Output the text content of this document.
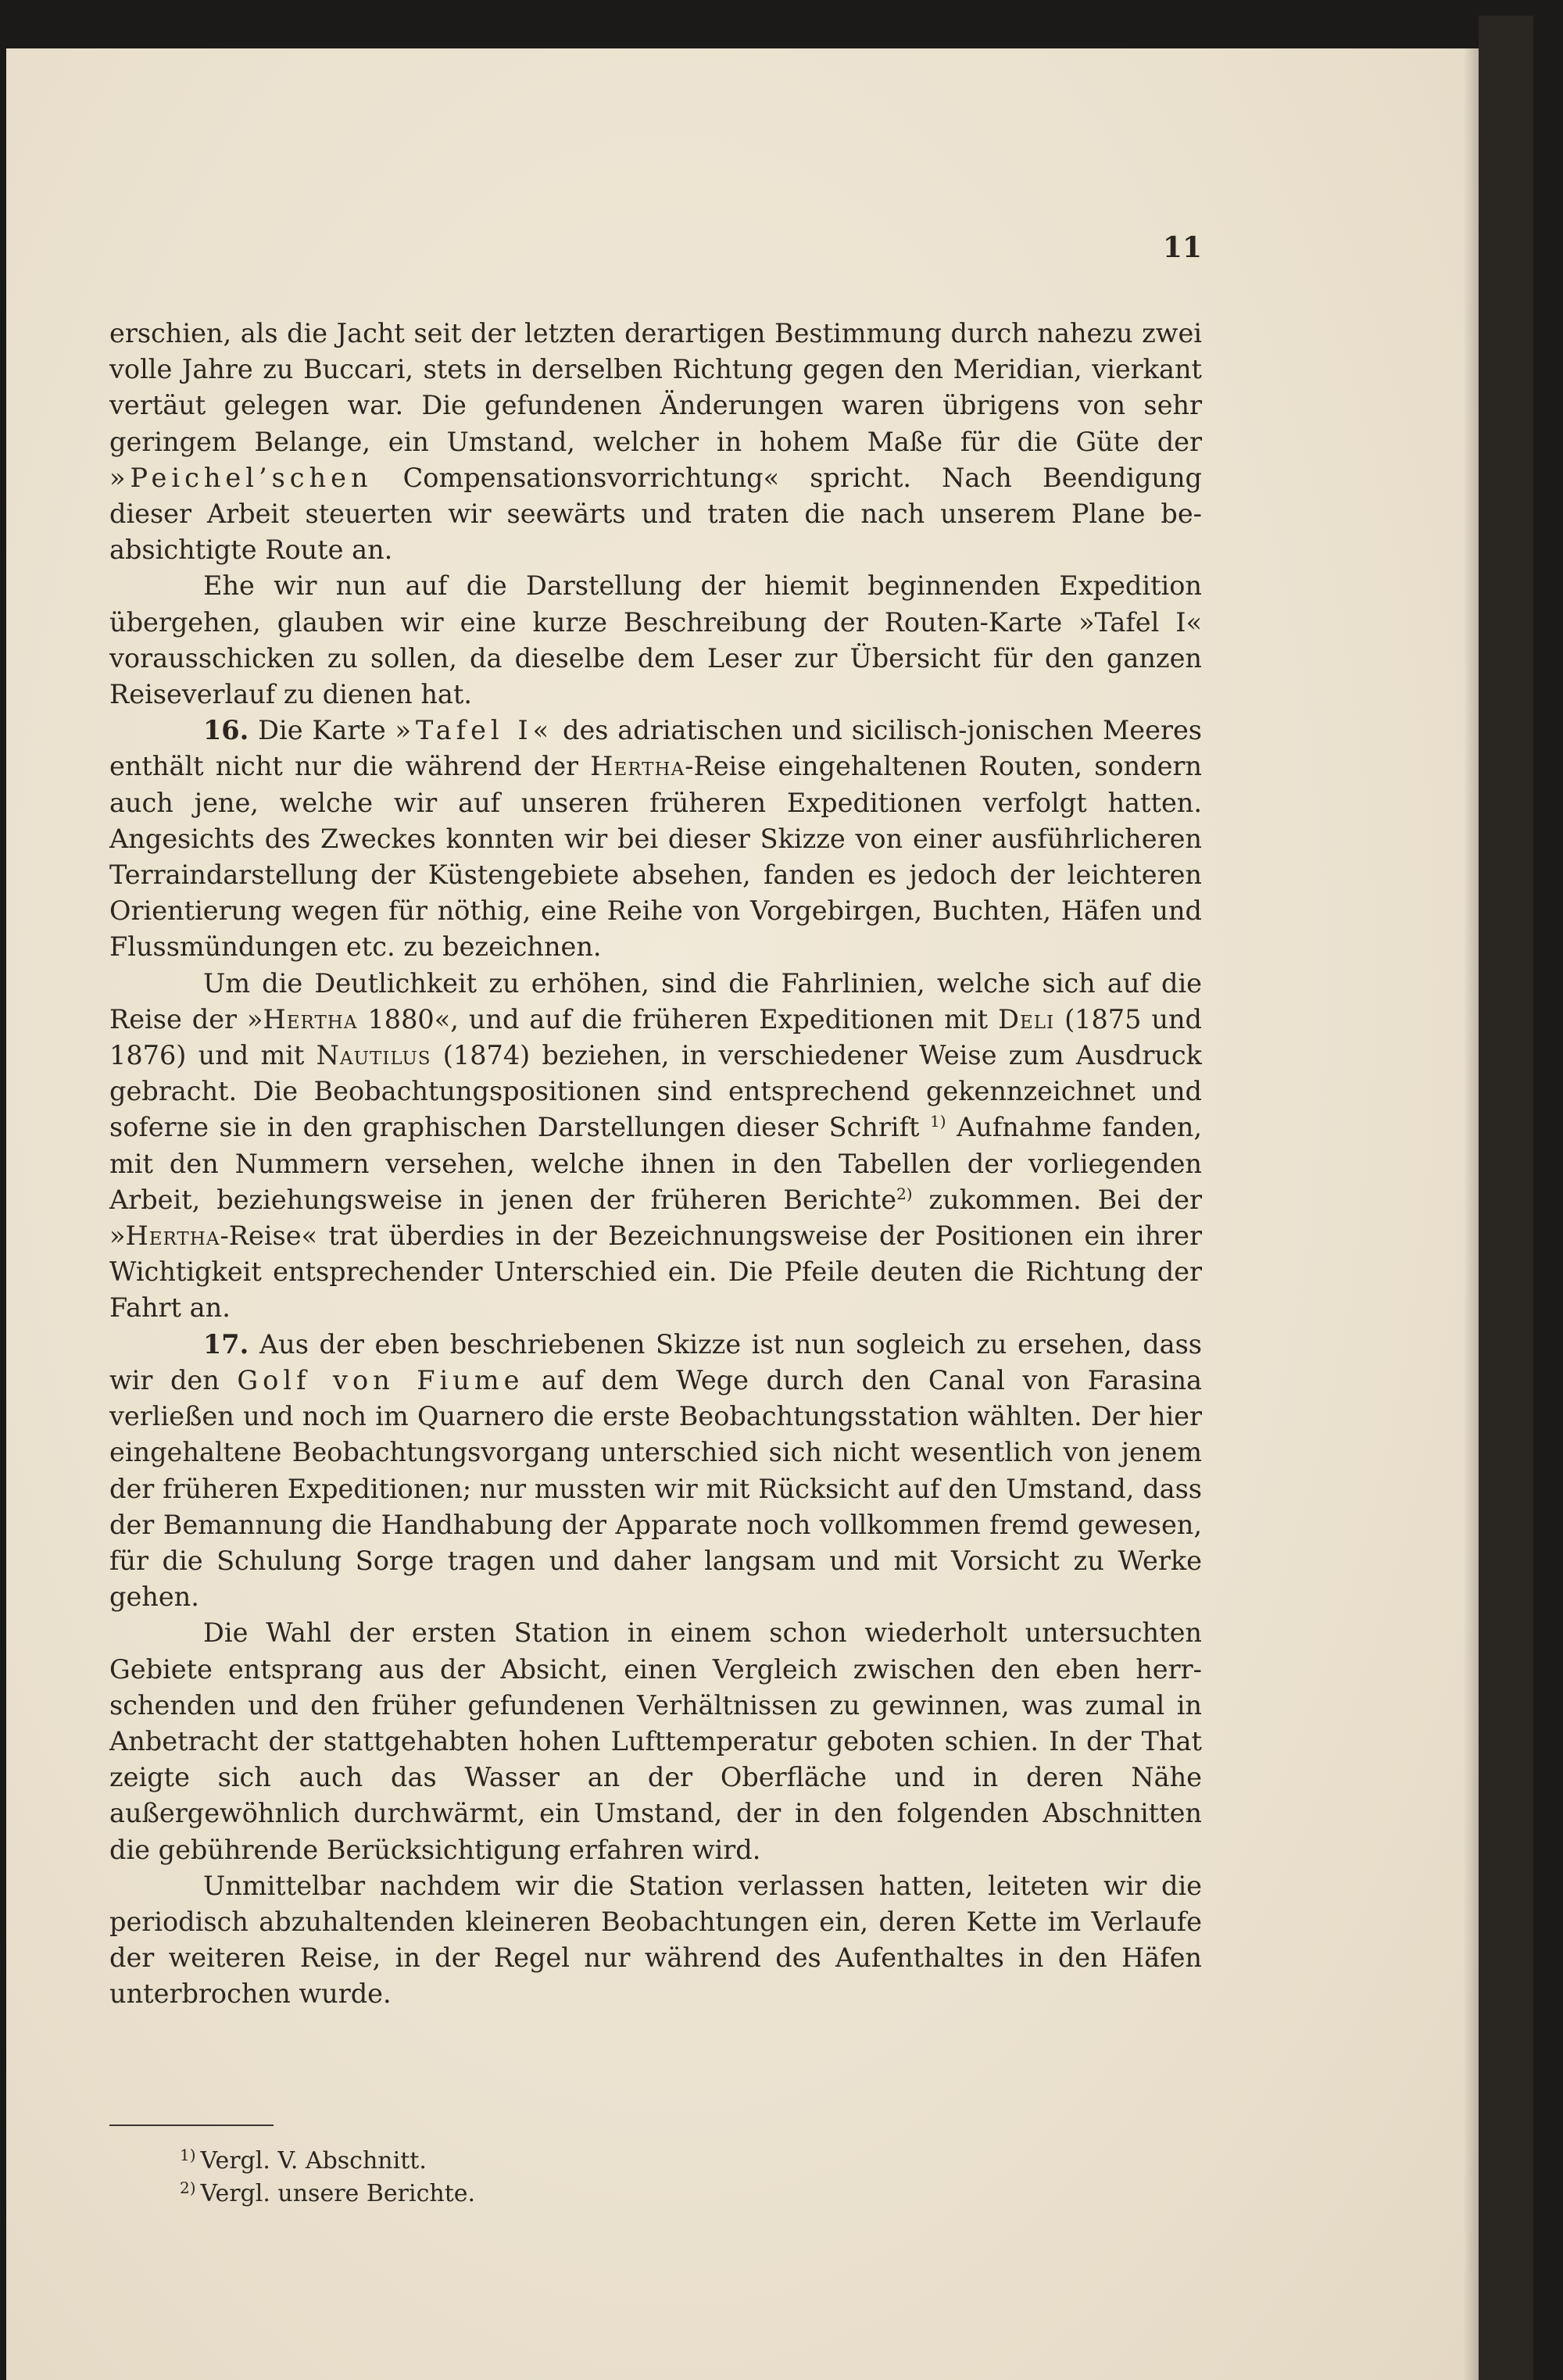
11

erschien, als die Jacht seit der letzten derartigen Bestimmung durch nahezu zwei volle Jahre zu Buccari, stets in derselben Richtung gegen den Meridian, vierkant vertäut gelegen war. Die gefundenen Änderungen waren übrigens von sehr geringem Belange, ein Umstand, welcher in hohem Maße für die Güte der »Peichel’schen Compensationsvorrichtung« spricht. Nach Beendigung dieser Arbeit steuerten wir seewärts und traten die nach unserem Plane beabsichtigte Route an.

Ehe wir nun auf die Darstellung der hiemit beginnenden Expedition übergehen, glauben wir eine kurze Beschreibung der Routen-Karte »Tafel I« vorausschicken zu sollen, da dieselbe dem Leser zur Übersicht für den ganzen Reiseverlauf zu dienen hat.

16. Die Karte »Tafel I« des adriatischen und sicilisch-jonischen Meeres enthält nicht nur die während der Hertha-Reise eingehaltenen Routen, sondern auch jene, welche wir auf unseren früheren Expeditionen verfolgt hatten. Angesichts des Zweckes konnten wir bei dieser Skizze von einer ausführlicheren Terraindarstellung der Küstengebiete absehen, fanden es jedoch der leichteren Orientierung wegen für nöthig, eine Reihe von Vorgebirgen, Buchten, Häfen und Flussmündungen etc. zu bezeichnen.

Um die Deutlichkeit zu erhöhen, sind die Fahrlinien, welche sich auf die Reise der »Hertha 1880«, und auf die früheren Expeditionen mit Deli (1875 und 1876) und mit Nautilus (1874) beziehen, in verschiedener Weise zum Ausdruck gebracht. Die Beobachtungspositionen sind entsprechend gekennzeichnet und soferne sie in den graphischen Darstellungen dieser Schrift $^{1)}$ Aufnahme fanden, mit den Nummern versehen, welche ihnen in den Tabellen der vorliegenden Arbeit, beziehungsweise in jenen der früheren Berichte$^{2)}$ zukommen. Bei der »Hertha-Reise« trat überdies in der Bezeichnungsweise der Positionen ein ihrer Wichtigkeit entsprechender Unterschied ein. Die Pfeile deuten die Richtung der Fahrt an.

17. Aus der eben beschriebenen Skizze ist nun sogleich zu ersehen, dass wir den Golf von Fiume auf dem Wege durch den Canal von Farasina verließen und noch im Quarnero die erste Beobachtungsstation wählten. Der hier eingehaltene Beobachtungsvorgang unterschied sich nicht wesentlich von jenem der früheren Expeditionen; nur mussten wir mit Rücksicht auf den Umstand, dass der Bemannung die Handhabung der Apparate noch vollkommen fremd gewesen, für die Schulung Sorge tragen und daher langsam und mit Vorsicht zu Werke gehen.

Die Wahl der ersten Station in einem schon wiederholt untersuchten Gebiete entsprang aus der Absicht, einen Vergleich zwischen den eben herrschenden und den früher gefundenen Verhältnissen zu gewinnen, was zumal in Anbetracht der stattgehabten hohen Lufttemperatur geboten schien. In der That zeigte sich auch das Wasser an der Oberfläche und in deren Nähe außergewöhnlich durchwärmt, ein Umstand, der in den folgenden Abschnitten die gebührende Berücksichtigung erfahren wird.

Unmittelbar nachdem wir die Station verlassen hatten, leiteten wir die periodisch abzuhaltenden kleineren Beobachtungen ein, deren Kette im Verlaufe der weiteren Reise, in der Regel nur während des Aufenthaltes in den Häfen unterbrochen wurde.

$^{1)}$ Vergl. V. Abschnitt.
$^{2)}$ Vergl. unsere Berichte.
